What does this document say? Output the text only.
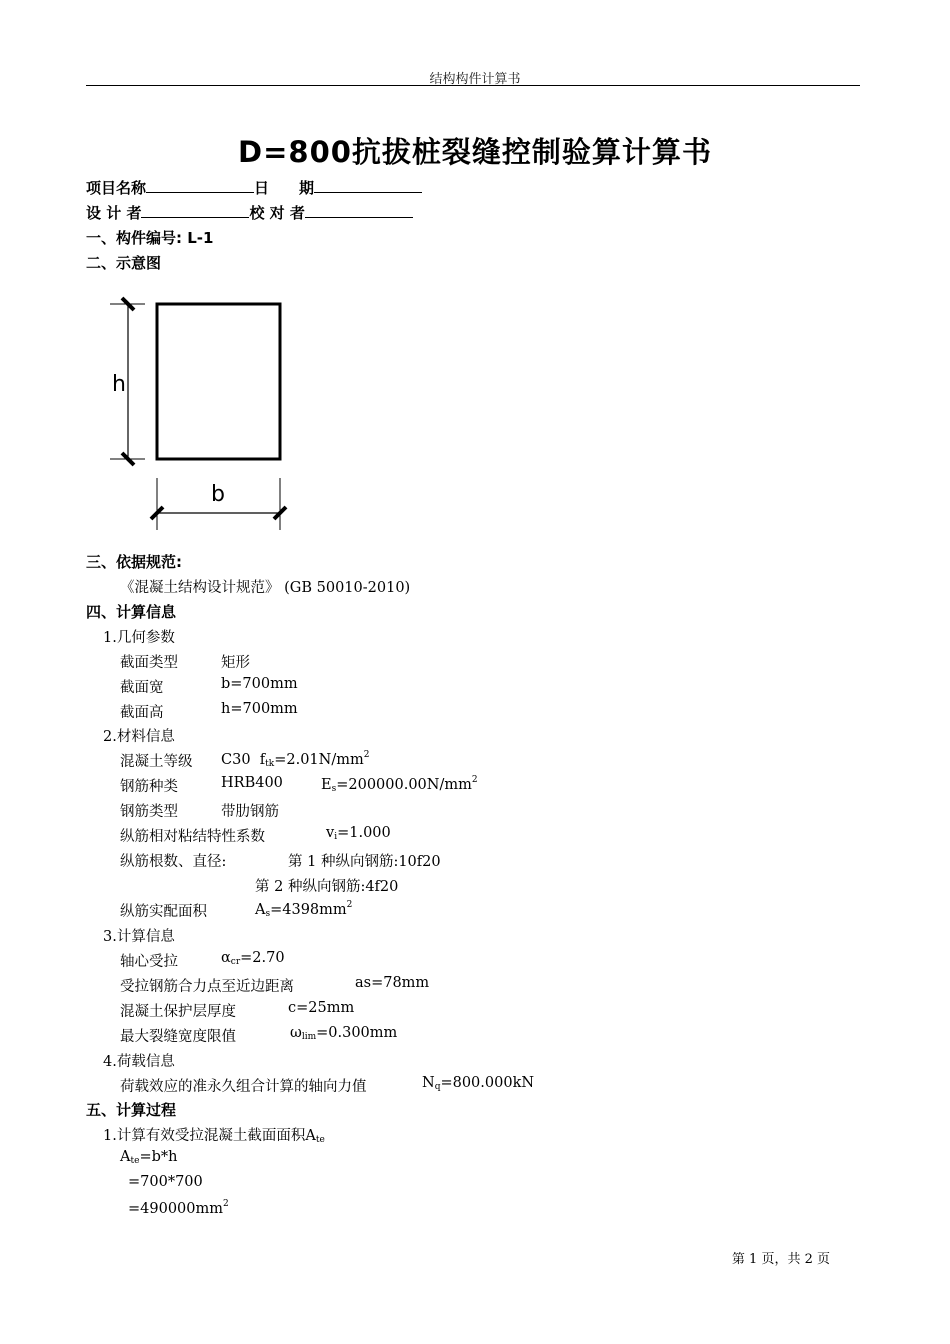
结构构件计算书
D=800抗拔桩裂缝控制验算计算书
项目名称	日　　期
设 计 者	校 对 者
一、构件编号: L-1
二、示意图
h
b
三、依据规范:
《混凝土结构设计规范》 (GB 50010-2010)
四、计算信息
1.几何参数
截面类型	矩形
截面宽	b=700mm
截面高	h=700mm
2.材料信息
混凝土等级 C30 $f_{tk}=2.01N/mm^2$
钢筋种类	HRB400	$E_s=200000.00N/mm^2$
钢筋类型	带肋钢筋
纵筋相对粘结特性系数	$v_i=1.000$
纵筋根数、直径:	第 1 种纵向钢筋:10f20
第 2 种纵向钢筋:4f20
纵筋实配面积	$A_s=4398mm^2$
3.计算信息
轴心受拉	$\alpha_{cr}=2.70$
受拉钢筋合力点至近边距离	as=78mm
混凝土保护层厚度	c=25mm
最大裂缝宽度限值	$\omega_{lim}=0.300mm$
4.荷载信息
荷载效应的准永久组合计算的轴向力值	$N_q=800.000kN$
五、计算过程
1.计算有效受拉混凝土截面面积$A_{te}$
$A_{te}=b*h$
=700*700
$=490000mm^2$
第 1 页，共 2 页
